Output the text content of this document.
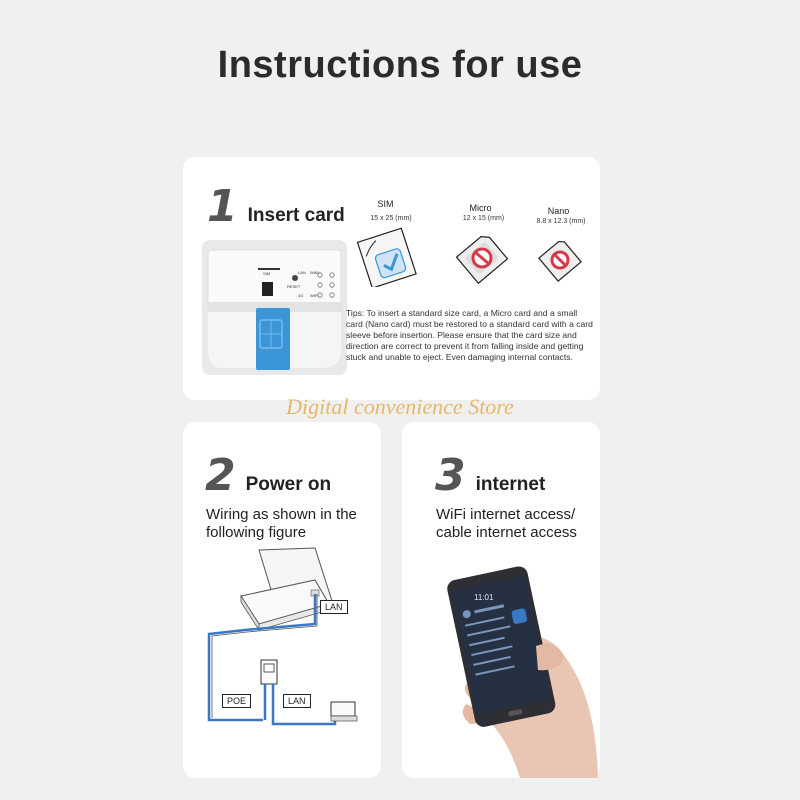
Instructions for use
1 Insert card
SIM
RESET
LAN WAN
4G WIFI
SIM
15 x 25 (mm)
Micro
12 x 15 (mm)
Nano
8.8 x 12.3 (mm)

Tips: To insert a standard size card, a Micro card and a small card (Nano card) must be restored to a standard card with a card sleeve before insertion. Please ensure that the card size and direction are correct to prevent it from falling inside and getting stuck and unable to eject. Even damaging internal contacts.

Digital convenience Store
2 Power on
Wiring as shown in the
following figure
LAN
POE	LAN
3 internet
WiFi internet access/
cable internet access
11:01
